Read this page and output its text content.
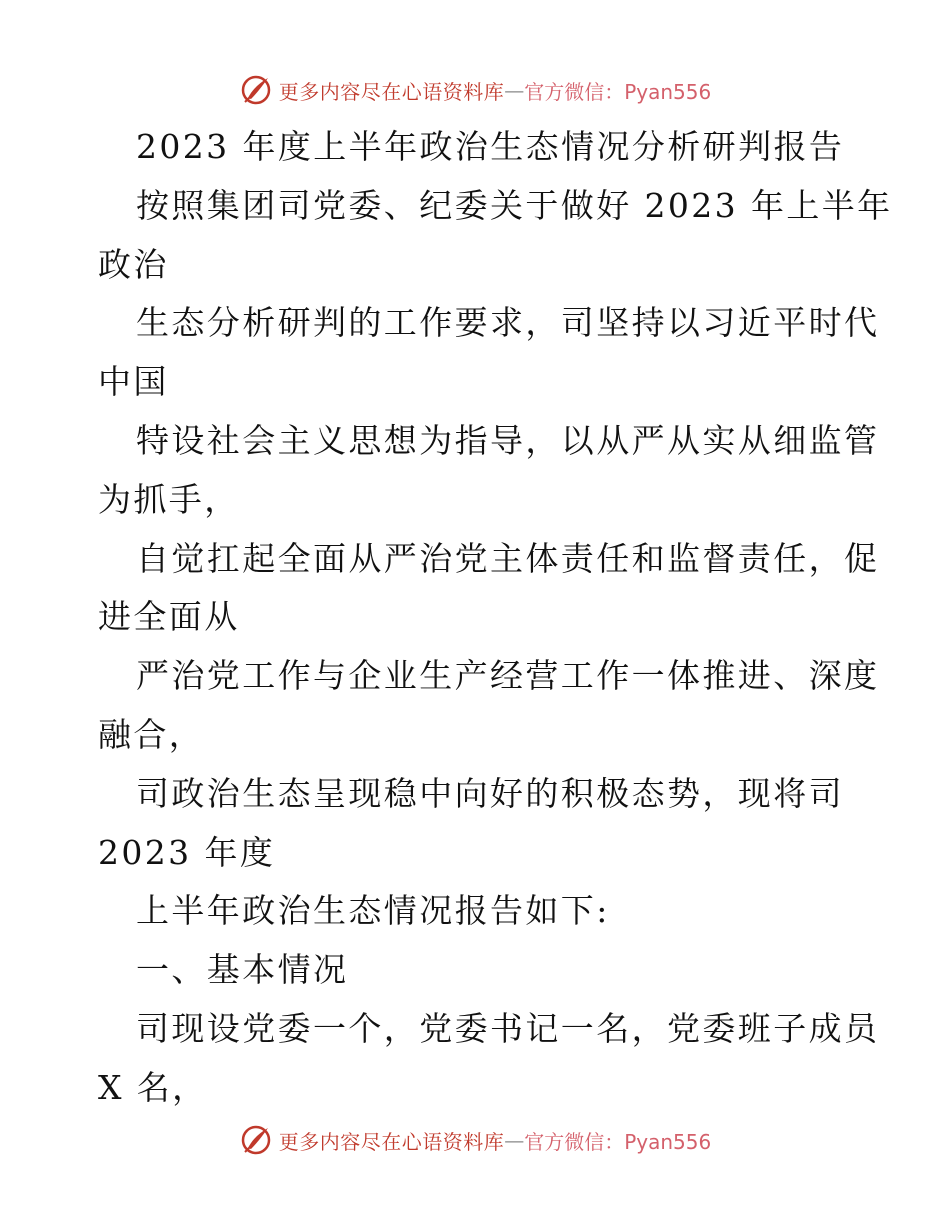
更多内容尽在心语资料库 — 官方微信：Pyan556
2023 年度上半年政治生态情况分析研判报告
按照集团司党委、纪委关于做好 2023 年上半年
政治
生态分析研判的工作要求，司坚持以习近平时代
中国
特设社会主义思想为指导，以从严从实从细监管
为抓手，
自觉扛起全面从严治党主体责任和监督责任，促
进全面从
严治党工作与企业生产经营工作一体推进、深度
融合，
司政治生态呈现稳中向好的积极态势，现将司
2023 年度
上半年政治生态情况报告如下:
一、基本情况
司现设党委一个，党委书记一名，党委班子成员
X 名，
更多内容尽在心语资料库 — 官方微信：Pyan556
